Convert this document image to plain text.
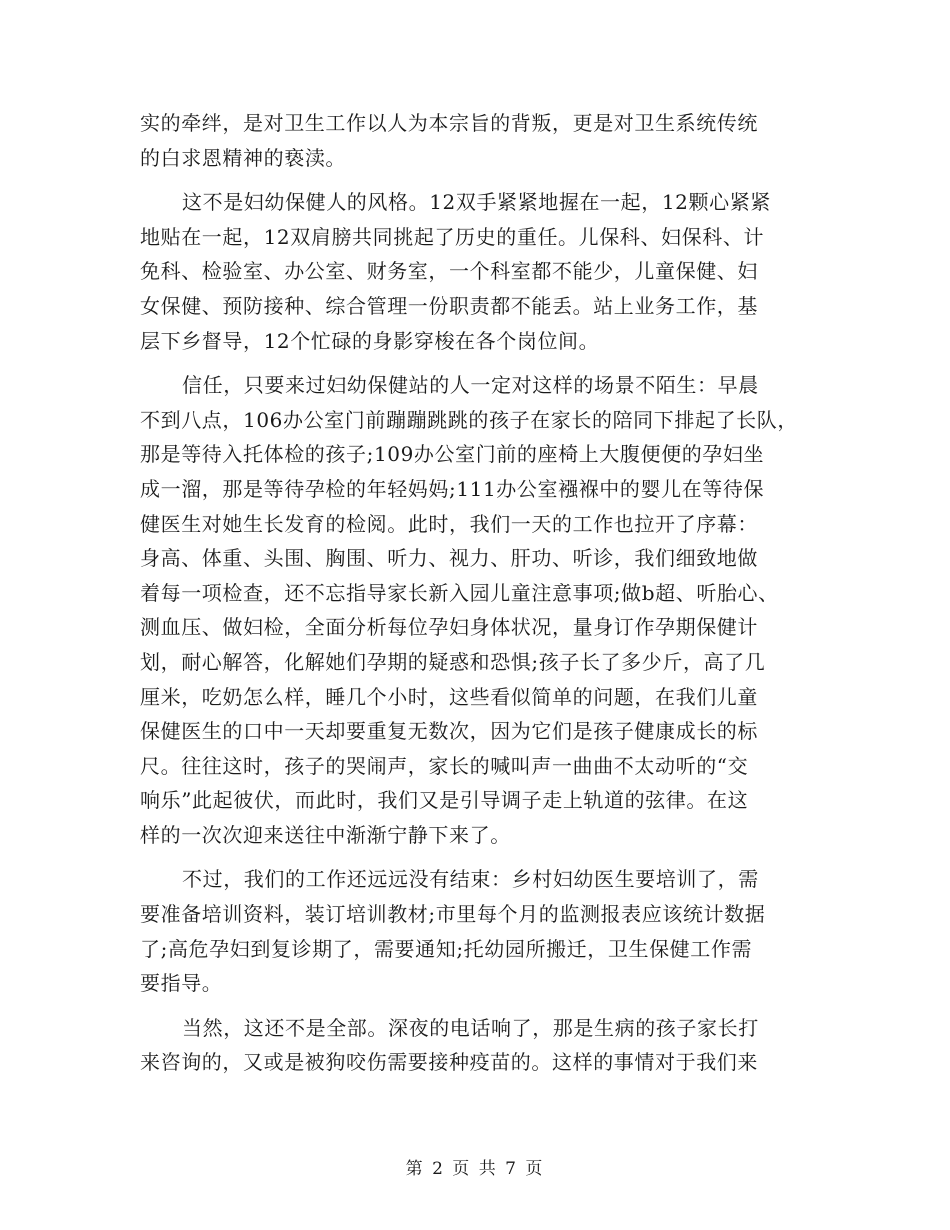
实的牵绊，是对卫生工作以人为本宗旨的背叛，更是对卫生系统传统
的白求恩精神的亵渎。
这不是妇幼保健人的风格。12双手紧紧地握在一起，12颗心紧紧
地贴在一起，12双肩膀共同挑起了历史的重任。儿保科、妇保科、计
免科、检验室、办公室、财务室，一个科室都不能少，儿童保健、妇
女保健、预防接种、综合管理一份职责都不能丢。站上业务工作，基
层下乡督导，12个忙碌的身影穿梭在各个岗位间。
信任，只要来过妇幼保健站的人一定对这样的场景不陌生：早晨
不到八点，106办公室门前蹦蹦跳跳的孩子在家长的陪同下排起了长队，
那是等待入托体检的孩子;109办公室门前的座椅上大腹便便的孕妇坐
成一溜，那是等待孕检的年轻妈妈;111办公室襁褓中的婴儿在等待保
健医生对她生长发育的检阅。此时，我们一天的工作也拉开了序幕：
身高、体重、头围、胸围、听力、视力、肝功、听诊，我们细致地做
着每一项检查，还不忘指导家长新入园儿童注意事项;做b超、听胎心、
测血压、做妇检，全面分析每位孕妇身体状况，量身订作孕期保健计
划，耐心解答，化解她们孕期的疑惑和恐惧;孩子长了多少斤，高了几
厘米，吃奶怎么样，睡几个小时，这些看似简单的问题，在我们儿童
保健医生的口中一天却要重复无数次，因为它们是孩子健康成长的标
尺。往往这时，孩子的哭闹声，家长的喊叫声一曲曲不太动听的“交
响乐”此起彼伏，而此时，我们又是引导调子走上轨道的弦律。在这
样的一次次迎来送往中渐渐宁静下来了。
不过，我们的工作还远远没有结束：乡村妇幼医生要培训了，需
要准备培训资料，装订培训教材;市里每个月的监测报表应该统计数据
了;高危孕妇到复诊期了，需要通知;托幼园所搬迁，卫生保健工作需
要指导。
当然，这还不是全部。深夜的电话响了，那是生病的孩子家长打
来咨询的，又或是被狗咬伤需要接种疫苗的。这样的事情对于我们来
第 2 页 共 7 页
